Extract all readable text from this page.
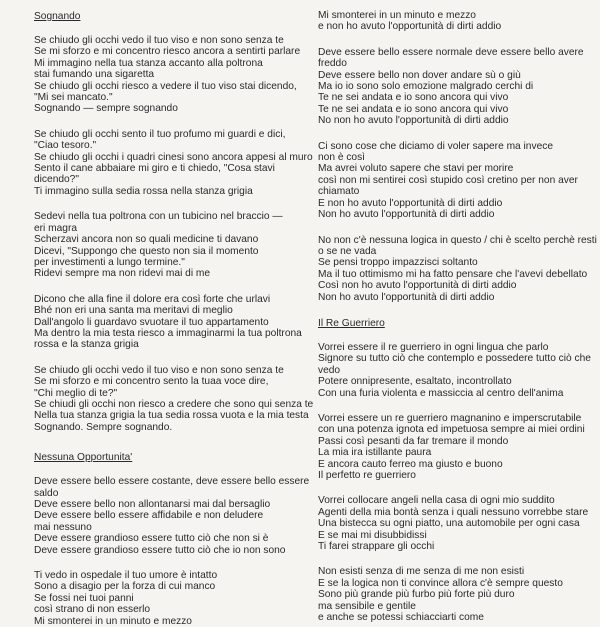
Sognando
Se chiudo gli occhi vedo il tuo viso e non sono senza te
Se mi sforzo e mi concentro riesco ancora a sentirti parlare
Mi immagino nella tua stanza accanto alla poltrona
stai fumando una sigaretta
Se chiudo gli occhi riesco a vedere il tuo viso stai dicendo,
"Mi sei mancato."
Sognando — sempre sognando
Se chiudo gli occhi sento il tuo profumo mi guardi e dici,
"Ciao tesoro."
Se chiudo gli occhi i quadri cinesi sono ancora appesi al muro
Sento il cane abbaiare mi giro e ti chiedo, "Cosa stavi
dicendo?"
Ti immagino sulla sedia rossa nella stanza grigia
Sedevi nella tua poltrona con un tubicino nel braccio —
eri magra
Scherzavi ancora non so quali medicine ti davano
Dicevi, "Suppongo che questo non sia il momento
per investimenti a lungo termine."
Ridevi sempre ma non ridevi mai di me
Dicono che alla fine il dolore era così forte che urlavi
Bhé non eri una santa ma meritavi di meglio
Dall'angolo li guardavo svuotare il tuo appartamento
Ma dentro la mia testa riesco a immaginarmi la tua poltrona
rossa e la stanza grigia
Se chiudo gli occhi vedo il tuo viso e non sono senza te
Se mi sforzo e mi concentro sento la tuaa voce dire,
"Chi meglio di te?"
Se chiudi gli occhi non riesco a credere che sono qui senza te
Nella tua stanza grigia la tua sedia rossa vuota e la mia testa
Sognando. Sempre sognando.
Nessuna Opportunita'
Deve essere bello essere costante, deve essere bello essere
saldo
Deve essere bello non allontanarsi mai dal bersaglio
Deve essere bello essere affidabile e non deludere
mai nessuno
Deve essere grandioso essere tutto ciò che non si è
Deve essere grandioso essere tutto ciò che io non sono
Ti vedo in ospedale il tuo umore è intatto
Sono a disagio per la forza di cui manco
Se fossi nei tuoi panni
così strano di non esserlo
Mi smonterei in un minuto e mezzo
Mi smonterei in un minuto e mezzo
e non ho avuto l'opportunità di dirti addio
Deve essere bello essere normale deve essere bello avere
freddo
Deve essere bello non dover andare sù o giù
Ma io io sono solo emozione malgrado cerchi di
Te ne sei andata e io sono ancora qui vivo
Te ne sei andata e io sono ancora qui vivo
No non ho avuto l'opportunità di dirti addio
Ci sono cose che diciamo di voler sapere ma invece
non è così
Ma avrei voluto sapere che stavi per morire
così non mi sentirei così stupido così cretino per non aver
chiamato
E non ho avuto l'opportunità di dirti addio
Non ho avuto l'opportunità di dirti addio
No non c'è nessuna logica in questo / chi è scelto perchè resti
o se ne vada
Se pensi troppo impazzisci soltanto
Ma il tuo ottimismo mi ha fatto pensare che l'avevi debellato
Così non ho avuto l'opportunità di dirti addio
Non ho avuto l'opportunità di dirti addio
Il Re Guerriero
Vorrei essere il re guerriero in ogni lingua che parlo
Signore su tutto ciò che contemplo e possedere tutto ciò che
vedo
Potere onnipresente, esaltato, incontrollato
Con una furia violenta e massiccia al centro dell'anima
Vorrei essere un re guerriero magnanino e imperscrutabile
con una potenza ignota ed impetuosa sempre ai miei ordini
Passi così pesanti da far tremare il mondo
La mia ira istillante paura
E ancora cauto ferreo ma giusto e buono
Il perfetto re guerriero
Vorrei collocare angeli nella casa di ogni mio suddito
Agenti della mia bontà senza i quali nessuno vorrebbe stare
Una bistecca su ogni piatto, una automobile per ogni casa
E se mai mi disubbidissi
Ti farei strappare gli occhi
Non esisti senza di me senza di me non esisti
E se la logica non ti convince allora c'è sempre questo
Sono più grande più furbo più forte più duro
ma sensibile e gentile
e anche se potessi schiacciarti come
